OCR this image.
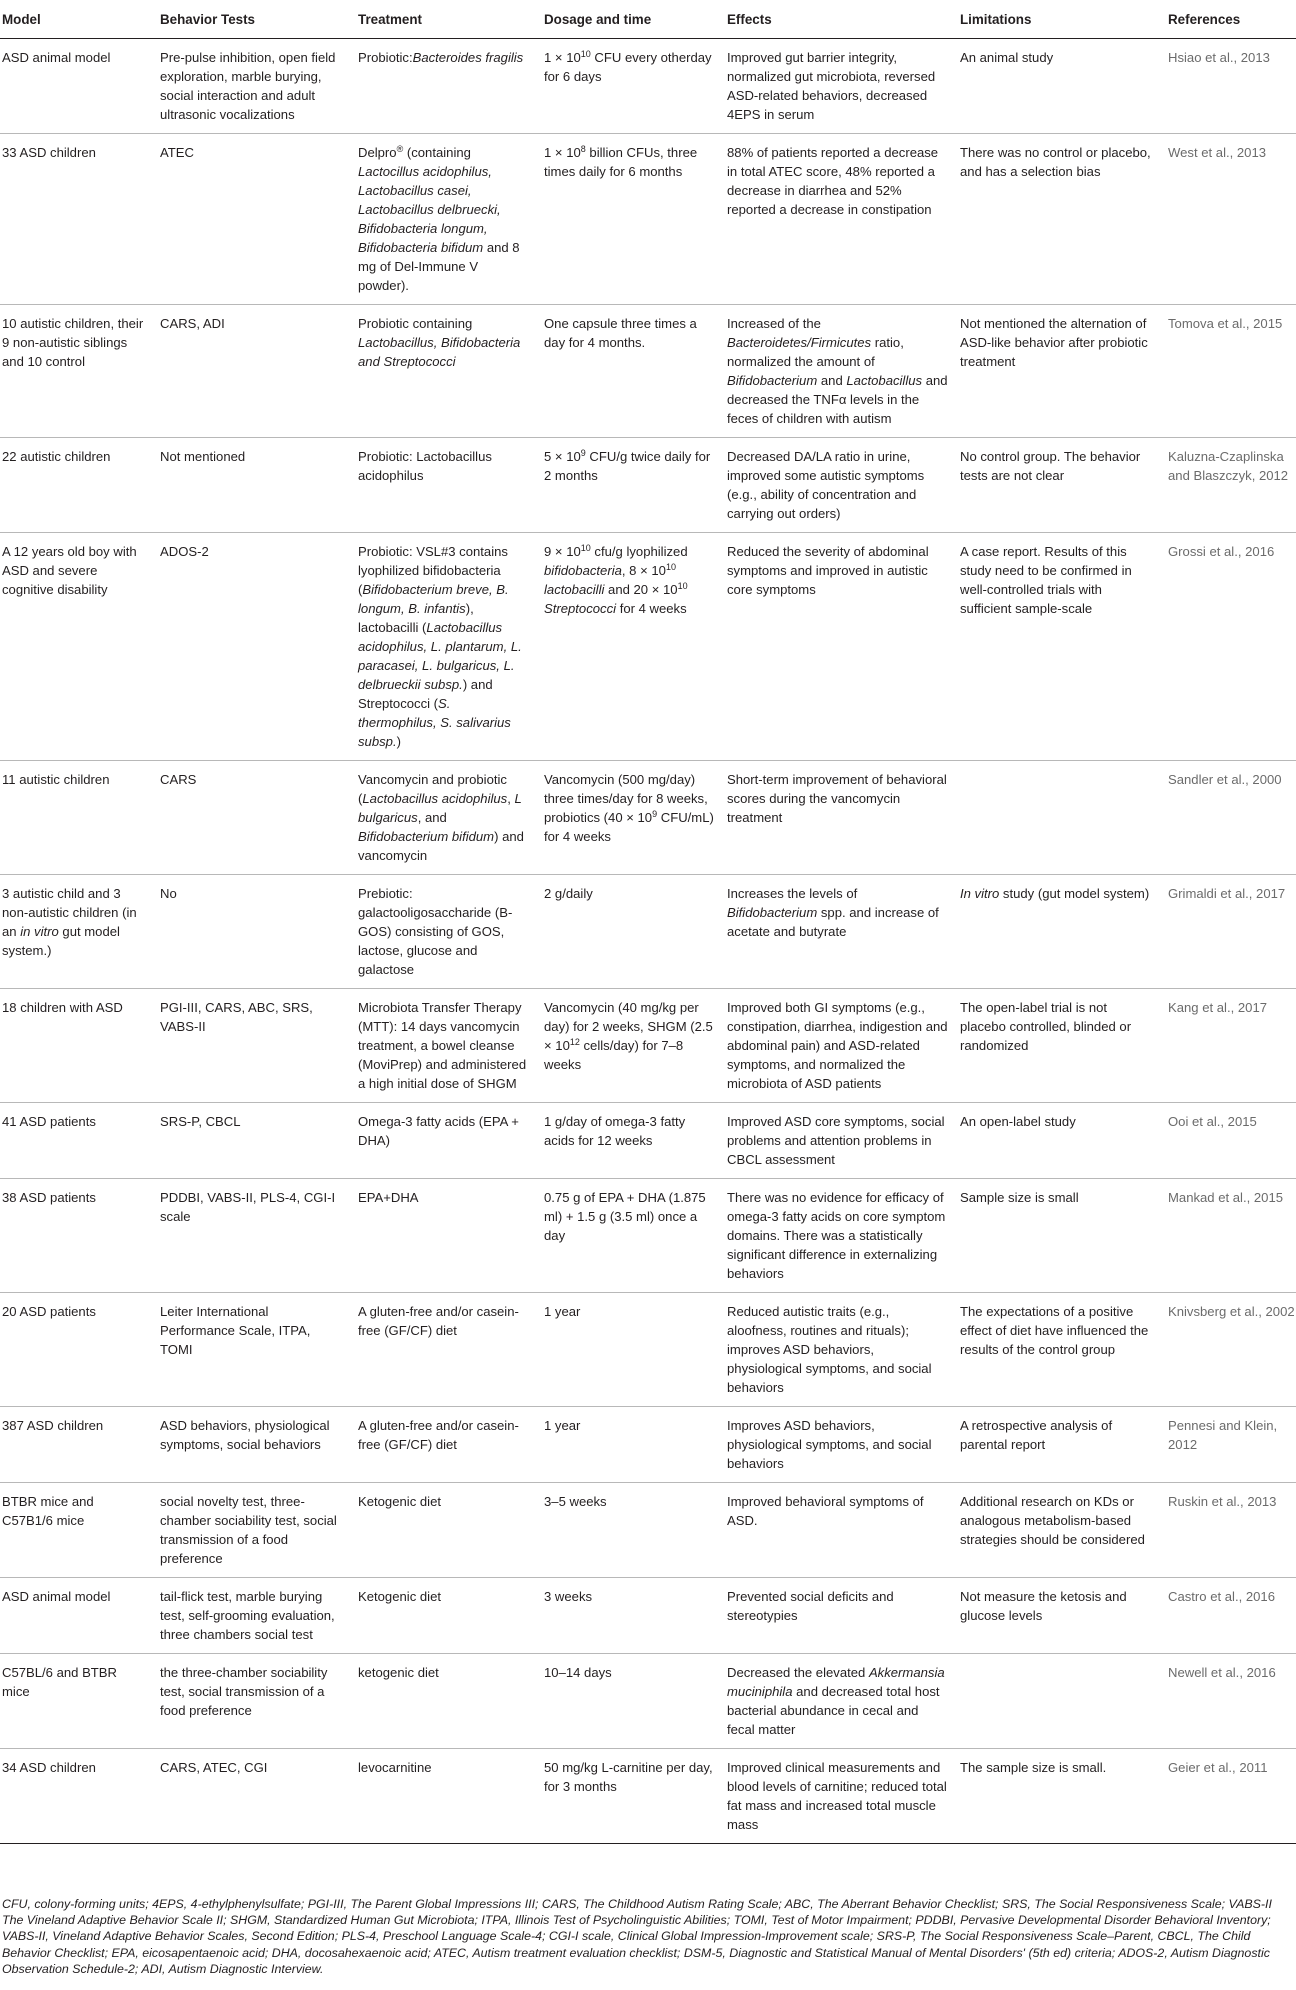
Model	Behavior Tests	Treatment	Dosage and time	Effects	Limitations	References
ASD animal model	Pre-pulse inhibition, open field exploration, marble burying, social interaction and adult ultrasonic vocalizations	Probiotic:Bacteroides fragilis	$1 \times 10^{10}$ CFU every otherday for 6 days	Improved gut barrier integrity, normalized gut microbiota, reversed ASD-related behaviors, decreased 4EPS in serum	An animal study	Hsiao et al., 2013
33 ASD children	ATEC	Delpro® (containing Lactocillus acidophilus, Lactobacillus casei, Lactobacillus delbruecki, Bifidobacteria longum, Bifidobacteria bifidum and 8 mg of Del-Immune V powder).	$1 \times 10^8$ billion CFUs, three times daily for 6 months	88% of patients reported a decrease in total ATEC score, 48% reported a decrease in diarrhea and 52% reported a decrease in constipation	There was no control or placebo, and has a selection bias	West et al., 2013
10 autistic children, their 9 non-autistic siblings and 10 control	CARS, ADI	Probiotic containing Lactobacillus, Bifidobacteria and Streptococci	One capsule three times a day for 4 months.	Increased of the Bacteroidetes/Firmicutes ratio, normalized the amount of Bifidobacterium and Lactobacillus and decreased the TNFα levels in the feces of children with autism	Not mentioned the alternation of ASD-like behavior after probiotic treatment	Tomova et al., 2015
22 autistic children	Not mentioned	Probiotic: Lactobacillus acidophilus	$5 \times 10^9$ CFU/g twice daily for 2 months	Decreased DA/LA ratio in urine, improved some autistic symptoms (e.g., ability of concentration and carrying out orders)	No control group. The behavior tests are not clear	Kaluzna-Czaplinska and Blaszczyk, 2012
A 12 years old boy with ASD and severe cognitive disability	ADOS-2	Probiotic: VSL#3 contains lyophilized bifidobacteria (Bifidobacterium breve, B. longum, B. infantis), lactobacilli (Lactobacillus acidophilus, L. plantarum, L. paracasei, L. bulgaricus, L. delbrueckii subsp.) and Streptococci (S. thermophilus, S. salivarius subsp.)	$9 \times 10^{10}$ cfu/g lyophilized bifidobacteria, $8 \times 10^{10}$ lactobacilli and $20 \times 10^{10}$ Streptococci for 4 weeks	Reduced the severity of abdominal symptoms and improved in autistic core symptoms	A case report. Results of this study need to be confirmed in well-controlled trials with sufficient sample-scale	Grossi et al., 2016
11 autistic children	CARS	Vancomycin and probiotic (Lactobacillus acidophilus, L bulgaricus, and Bifidobacterium bifidum) and vancomycin	Vancomycin (500 mg/day) three times/day for 8 weeks, probiotics ($40 \times 10^9$ CFU/mL) for 4 weeks	Short-term improvement of behavioral scores during the vancomycin treatment		Sandler et al., 2000
3 autistic child and 3 non-autistic children (in an in vitro gut model system.)	No	Prebiotic: galactooligosaccharide (B-GOS) consisting of GOS, lactose, glucose and galactose	2 g/daily	Increases the levels of Bifidobacterium spp. and increase of acetate and butyrate	In vitro study (gut model system)	Grimaldi et al., 2017
18 children with ASD	PGI-III, CARS, ABC, SRS, VABS-II	Microbiota Transfer Therapy (MTT): 14 days vancomycin treatment, a bowel cleanse (MoviPrep) and administered a high initial dose of SHGM	Vancomycin (40 mg/kg per day) for 2 weeks, SHGM ($2.5 \times 10^{12}$ cells/day) for 7–8 weeks	Improved both GI symptoms (e.g., constipation, diarrhea, indigestion and abdominal pain) and ASD-related symptoms, and normalized the microbiota of ASD patients	The open-label trial is not placebo controlled, blinded or randomized	Kang et al., 2017
41 ASD patients	SRS-P, CBCL	Omega-3 fatty acids (EPA + DHA)	1 g/day of omega-3 fatty acids for 12 weeks	Improved ASD core symptoms, social problems and attention problems in CBCL assessment	An open-label study	Ooi et al., 2015
38 ASD patients	PDDBI, VABS-II, PLS-4, CGI-I scale	EPA+DHA	0.75 g of EPA + DHA (1.875 ml) + 1.5 g (3.5 ml) once a day	There was no evidence for efficacy of omega-3 fatty acids on core symptom domains. There was a statistically significant difference in externalizing behaviors	Sample size is small	Mankad et al., 2015
20 ASD patients	Leiter International Performance Scale, ITPA, TOMI	A gluten-free and/or casein-free (GF/CF) diet	1 year	Reduced autistic traits (e.g., aloofness, routines and rituals); improves ASD behaviors, physiological symptoms, and social behaviors	The expectations of a positive effect of diet have influenced the results of the control group	Knivsberg et al., 2002
387 ASD children	ASD behaviors, physiological symptoms, social behaviors	A gluten-free and/or casein-free (GF/CF) diet	1 year	Improves ASD behaviors, physiological symptoms, and social behaviors	A retrospective analysis of parental report	Pennesi and Klein, 2012
BTBR mice and C57B1/6 mice	social novelty test, three-chamber sociability test, social transmission of a food preference	Ketogenic diet	3–5 weeks	Improved behavioral symptoms of ASD.	Additional research on KDs or analogous metabolism-based strategies should be considered	Ruskin et al., 2013
ASD animal model	tail-flick test, marble burying test, self-grooming evaluation, three chambers social test	Ketogenic diet	3 weeks	Prevented social deficits and stereotypies	Not measure the ketosis and glucose levels	Castro et al., 2016
C57BL/6 and BTBR mice	the three-chamber sociability test, social transmission of a food preference	ketogenic diet	10–14 days	Decreased the elevated Akkermansia muciniphila and decreased total host bacterial abundance in cecal and fecal matter		Newell et al., 2016
34 ASD children	CARS, ATEC, CGI	levocarnitine	50 mg/kg L-carnitine per day, for 3 months	Improved clinical measurements and blood levels of carnitine; reduced total fat mass and increased total muscle mass	The sample size is small.	Geier et al., 2011
CFU, colony-forming units; 4EPS, 4-ethylphenylsulfate; PGI-III, The Parent Global Impressions III; CARS, The Childhood Autism Rating Scale; ABC, The Aberrant Behavior Checklist; SRS, The Social Responsiveness Scale; VABS-II The Vineland Adaptive Behavior Scale II; SHGM, Standardized Human Gut Microbiota; ITPA, Illinois Test of Psycholinguistic Abilities; TOMI, Test of Motor Impairment; PDDBI, Pervasive Developmental Disorder Behavioral Inventory; VABS-II, Vineland Adaptive Behavior Scales, Second Edition; PLS-4, Preschool Language Scale-4; CGI-I scale, Clinical Global Impression-Improvement scale; SRS-P, The Social Responsiveness Scale–Parent, CBCL, The Child Behavior Checklist; EPA, eicosapentaenoic acid; DHA, docosahexaenoic acid; ATEC, Autism treatment evaluation checklist; DSM-5, Diagnostic and Statistical Manual of Mental Disorders' (5th ed) criteria; ADOS-2, Autism Diagnostic Observation Schedule-2; ADI, Autism Diagnostic Interview.
